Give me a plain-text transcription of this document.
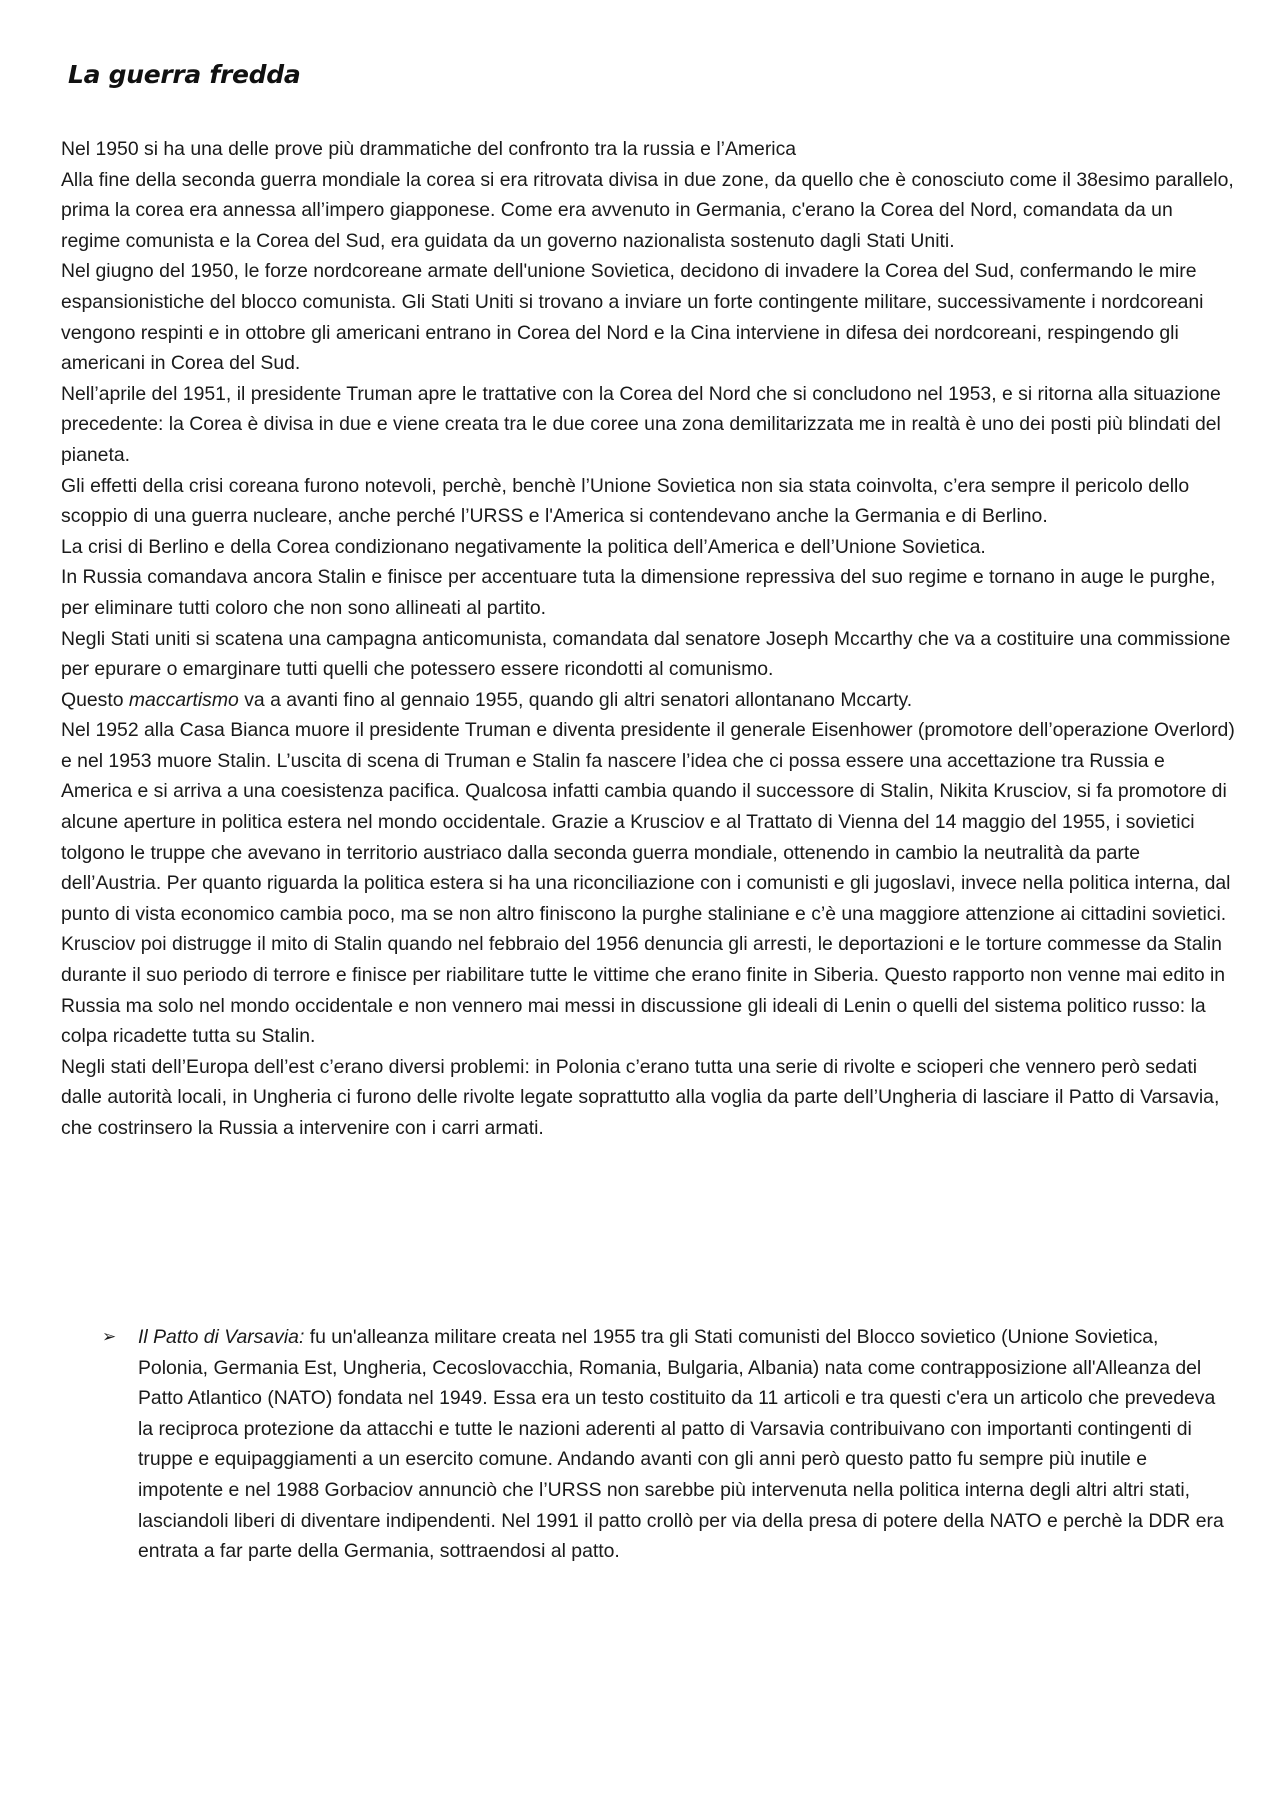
La guerra fredda

Nel 1950 si ha una delle prove più drammatiche del confronto tra la russia e l’America

Alla fine della seconda guerra mondiale la corea si era ritrovata divisa in due zone, da quello che è conosciuto come il 38esimo parallelo, prima la corea era annessa all’impero giapponese. Come era avvenuto in Germania, c'erano la Corea del Nord, comandata da un regime comunista e la Corea del Sud, era guidata da un governo nazionalista sostenuto dagli Stati Uniti.

Nel giugno del 1950, le forze nordcoreane armate dell'unione Sovietica, decidono di invadere la Corea del Sud, confermando le mire espansionistiche del blocco comunista. Gli Stati Uniti si trovano a inviare un forte contingente militare, successivamente i nordcoreani vengono respinti e in ottobre gli americani entrano in Corea del Nord e la Cina interviene in difesa dei nordcoreani, respingendo gli americani in Corea del Sud.

Nell’aprile del 1951, il presidente Truman apre le trattative con la Corea del Nord che si concludono nel 1953, e si ritorna alla situazione precedente: la Corea è divisa in due e viene creata tra le due coree una zona demilitarizzata me in realtà è uno dei posti più blindati del pianeta.

Gli effetti della crisi coreana furono notevoli, perchè, benchè l’Unione Sovietica non sia stata coinvolta, c’era sempre il pericolo dello scoppio di una guerra nucleare, anche perché l’URSS e l'America si contendevano anche la Germania e di Berlino.

La crisi di Berlino e della Corea condizionano negativamente la politica dell’America e dell’Unione Sovietica.

In Russia comandava ancora Stalin e finisce per accentuare tuta la dimensione repressiva del suo regime e tornano in auge le purghe, per eliminare tutti coloro che non sono allineati al partito.

Negli Stati uniti si scatena una campagna anticomunista, comandata dal senatore Joseph Mccarthy che va a costituire una commissione per epurare o emarginare tutti quelli che potessero essere ricondotti al comunismo.

Questo maccartismo va a avanti fino al gennaio 1955, quando gli altri senatori allontanano Mccarty.

Nel 1952 alla Casa Bianca muore il presidente Truman e diventa presidente il generale Eisenhower (promotore dell’operazione Overlord) e nel 1953 muore Stalin. L’uscita di scena di Truman e Stalin fa nascere l’idea che ci possa essere una accettazione tra Russia e America e si arriva a una coesistenza pacifica. Qualcosa infatti cambia quando il successore di Stalin, Nikita Krusciov, si fa promotore di alcune aperture in politica estera nel mondo occidentale. Grazie a Krusciov e al Trattato di Vienna del 14 maggio del 1955, i sovietici tolgono le truppe che avevano in territorio austriaco dalla seconda guerra mondiale, ottenendo in cambio la neutralità da parte dell’Austria. Per quanto riguarda la politica estera si ha una riconciliazione con i comunisti e gli jugoslavi, invece nella politica interna, dal punto di vista economico cambia poco, ma se non altro finiscono la purghe staliniane e c’è una maggiore attenzione ai cittadini sovietici. Krusciov poi distrugge il mito di Stalin quando nel febbraio del 1956 denuncia gli arresti, le deportazioni e le torture commesse da Stalin durante il suo periodo di terrore e finisce per riabilitare tutte le vittime che erano finite in Siberia. Questo rapporto non venne mai edito in Russia ma solo nel mondo occidentale e non vennero mai messi in discussione gli ideali di Lenin o quelli del sistema politico russo: la colpa ricadette tutta su Stalin.

Negli stati dell’Europa dell’est c’erano diversi problemi: in Polonia c’erano tutta una serie di rivolte e scioperi che vennero però sedati dalle autorità locali, in Ungheria ci furono delle rivolte legate soprattutto alla voglia da parte dell’Ungheria di lasciare il Patto di Varsavia, che costrinsero la Russia a intervenire con i carri armati.

➢ Il Patto di Varsavia: fu un'alleanza militare creata nel 1955 tra gli Stati comunisti del Blocco sovietico (Unione Sovietica, Polonia, Germania Est, Ungheria, Cecoslovacchia, Romania, Bulgaria, Albania) nata come contrapposizione all'Alleanza del Patto Atlantico (NATO) fondata nel 1949. Essa era un testo costituito da 11 articoli e tra questi c'era un articolo che prevedeva la reciproca protezione da attacchi e tutte le nazioni aderenti al patto di Varsavia contribuivano con importanti contingenti di truppe e equipaggiamenti a un esercito comune. Andando avanti con gli anni però questo patto fu sempre più inutile e impotente e nel 1988 Gorbaciov annunciò che l’URSS non sarebbe più intervenuta nella politica interna degli altri altri stati, lasciandoli liberi di diventare indipendenti. Nel 1991 il patto crollò per via della presa di potere della NATO e perchè la DDR era entrata a far parte della Germania, sottraendosi al patto.
